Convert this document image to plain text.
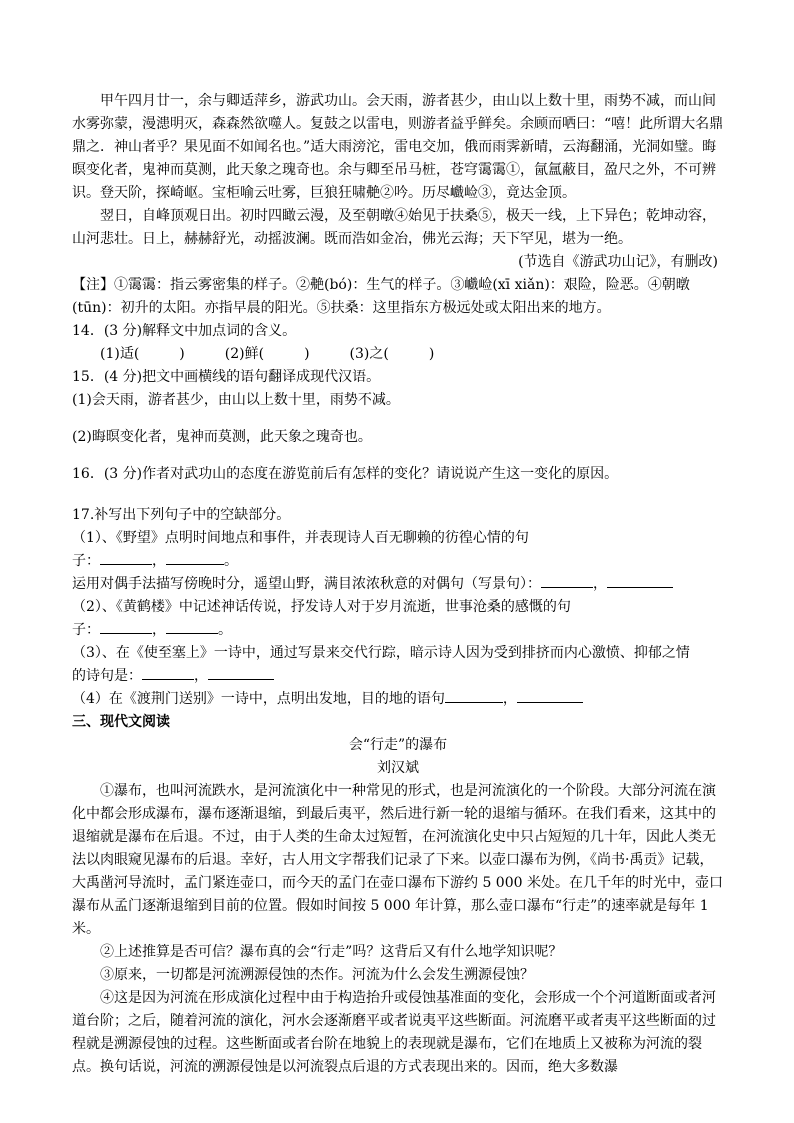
甲午四月廿一，余与卿适萍乡，游武功山。会天雨，游者甚少，由山以上数十里，雨势不减，而山间水雾弥蒙，漫漶明灭，森森然欲噬人。复鼓之以雷电，则游者益乎鲜矣。余顾而哂曰：“嘻！此所谓大名鼎鼎之．神山者乎？果见面不如闻名也。”适大雨滂沱，雷电交加，俄而雨霁新晴，云海翻涌，光洞如璧。晦暝变化者，鬼神而莫测，此天象之瑰奇也。余与卿至吊马桩，苍穹霭霭①，氤氲蔽目，盈尺之外，不可辨识。登天阶，探崎岖。宝柜喻云吐雾，巨狼狂啸艴②吟。历尽巇崄③，竟达金顶。

翌日，自峰顶观日出。初时四瞰云漫，及至朝暾④始见于扶桑⑤，极天一线，上下异色；乾坤动容，山河悲壮。日上，赫赫舒光，动摇波澜。既而浩如金冶，佛光云海；天下罕见，堪为一绝。

(节选自《游武功山记》，有删改)

【注】①霭霭：指云雾密集的样子。②艴(bó)：生气的样子。③巇崄(xī xiǎn)：艰险，险恶。④朝暾(tūn)：初升的太阳。亦指早晨的阳光。⑤扶桑：这里指东方极远处或太阳出来的地方。

14．(3 分)解释文中加点词的含义。

(1)适(	)	(2)鲜(	)	(3)之(	)

15．(4 分)把文中画横线的语句翻译成现代汉语。

(1)会天雨，游者甚少，由山以上数十里，雨势不减。

(2)晦暝变化者，鬼神而莫测，此天象之瑰奇也。

16．(3 分)作者对武功山的态度在游览前后有怎样的变化？请说说产生这一变化的原因。

17.补写出下列句子中的空缺部分。

（1）、《野望》点明时间地点和事件，并表现诗人百无聊赖的彷徨心情的句

子：	，	。

运用对偶手法描写傍晚时分，遥望山野，满目浓浓秋意的对偶句（写景句）：	，

（2）、《黄鹤楼》中记述神话传说，抒发诗人对于岁月流逝，世事沧桑的感慨的句

子：	，	。

（3）、在《使至塞上》一诗中，通过写景来交代行踪，暗示诗人因为受到排挤而内心激愤、抑郁之情

的诗句是：	，

（4）在《渡荆门送别》一诗中，点明出发地，目的地的语句	，

三、现代文阅读

会“行走”的瀑布

刘汉斌

①瀑布，也叫河流跌水，是河流演化中一种常见的形式，也是河流演化的一个阶段。大部分河流在演化中都会形成瀑布，瀑布逐渐退缩，到最后夷平，然后进行新一轮的退缩与循环。在我们看来，这其中的退缩就是瀑布在后退。不过，由于人类的生命太过短暂，在河流演化史中只占短短的几十年，因此人类无法以肉眼窥见瀑布的后退。幸好，古人用文字帮我们记录了下来。以壶口瀑布为例，《尚书·禹贡》记载，大禹凿河导流时，孟门紧连壶口，而今天的孟门在壶口瀑布下游约 5 000 米处。在几千年的时光中，壶口瀑布从孟门逐渐退缩到目前的位置。假如时间按 5 000 年计算，那么壶口瀑布“行走”的速率就是每年 1 米。

②上述推算是否可信？瀑布真的会“行走”吗？这背后又有什么地学知识呢？

③原来，一切都是河流溯源侵蚀的杰作。河流为什么会发生溯源侵蚀？

④这是因为河流在形成演化过程中由于构造抬升或侵蚀基准面的变化，会形成一个个河道断面或者河道台阶；之后，随着河流的演化，河水会逐渐磨平或者说夷平这些断面。河流磨平或者夷平这些断面的过程就是溯源侵蚀的过程。这些断面或者台阶在地貌上的表现就是瀑布，它们在地质上又被称为河流的裂点。换句话说，河流的溯源侵蚀是以河流裂点后退的方式表现出来的。因而，绝大多数瀑
